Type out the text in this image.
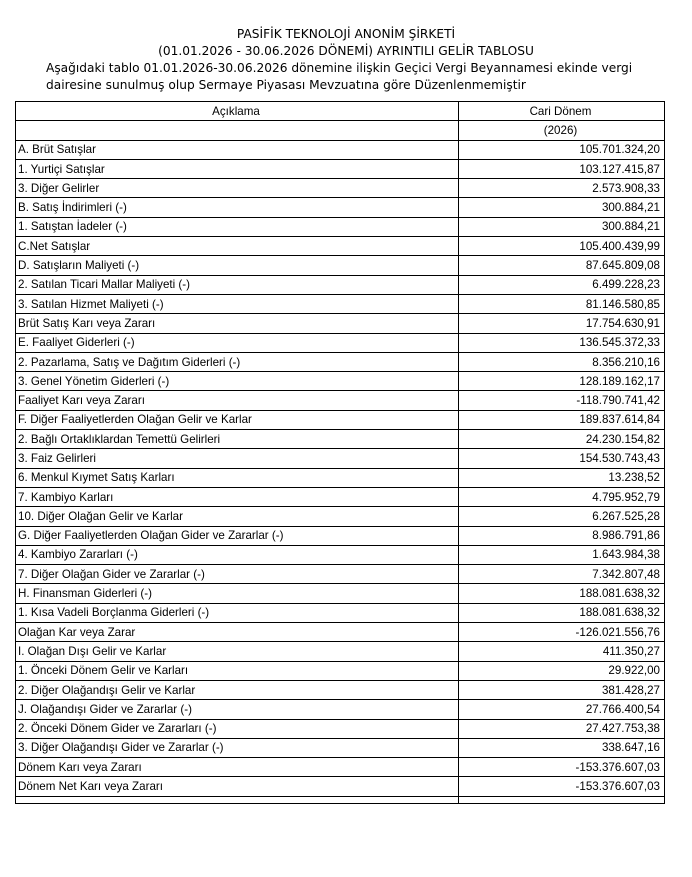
PASİFİK TEKNOLOJİ ANONİM ŞİRKETİ
(01.01.2026 - 30.06.2026 DÖNEMİ) AYRINTILI GELİR TABLOSU
Aşağıdaki tablo 01.01.2026-30.06.2026 dönemine ilişkin Geçici Vergi Beyannamesi ekinde vergi
dairesine sunulmuş olup Sermaye Piyasası Mevzuatına göre Düzenlenmemiştir
Açıklama	Cari Dönem
	(2026)
A. Brüt Satışlar	105.701.324,20
1. Yurtiçi Satışlar	103.127.415,87
3. Diğer Gelirler	2.573.908,33
B. Satış İndirimleri (-)	300.884,21
1. Satıştan İadeler (-)	300.884,21
C.Net Satışlar	105.400.439,99
D. Satışların Maliyeti (-)	87.645.809,08
2. Satılan Ticari Mallar Maliyeti (-)	6.499.228,23
3. Satılan Hizmet Maliyeti (-)	81.146.580,85
Brüt Satış Karı veya Zararı	17.754.630,91
E. Faaliyet Giderleri (-)	136.545.372,33
2. Pazarlama, Satış ve Dağıtım Giderleri (-)	8.356.210,16
3. Genel Yönetim Giderleri (-)	128.189.162,17
Faaliyet Karı veya Zararı	-118.790.741,42
F. Diğer Faaliyetlerden Olağan Gelir ve Karlar	189.837.614,84
2. Bağlı Ortaklıklardan Temettü Gelirleri	24.230.154,82
3. Faiz Gelirleri	154.530.743,43
6. Menkul Kıymet Satış Karları	13.238,52
7. Kambiyo Karları	4.795.952,79
10. Diğer Olağan Gelir ve Karlar	6.267.525,28
G. Diğer Faaliyetlerden Olağan Gider ve Zararlar (-)	8.986.791,86
4. Kambiyo Zararları (-)	1.643.984,38
7. Diğer Olağan Gider ve Zararlar (-)	7.342.807,48
H. Finansman Giderleri (-)	188.081.638,32
1. Kısa Vadeli Borçlanma Giderleri (-)	188.081.638,32
Olağan Kar veya Zarar	-126.021.556,76
I. Olağan Dışı Gelir ve Karlar	411.350,27
1. Önceki Dönem Gelir ve Karları	29.922,00
2. Diğer Olağandışı Gelir ve Karlar	381.428,27
J. Olağandışı Gider ve Zararlar (-)	27.766.400,54
2. Önceki Dönem Gider ve Zararları (-)	27.427.753,38
3. Diğer Olağandışı Gider ve Zararlar (-)	338.647,16
Dönem Karı veya Zararı	-153.376.607,03
Dönem Net Karı veya Zararı	-153.376.607,03
